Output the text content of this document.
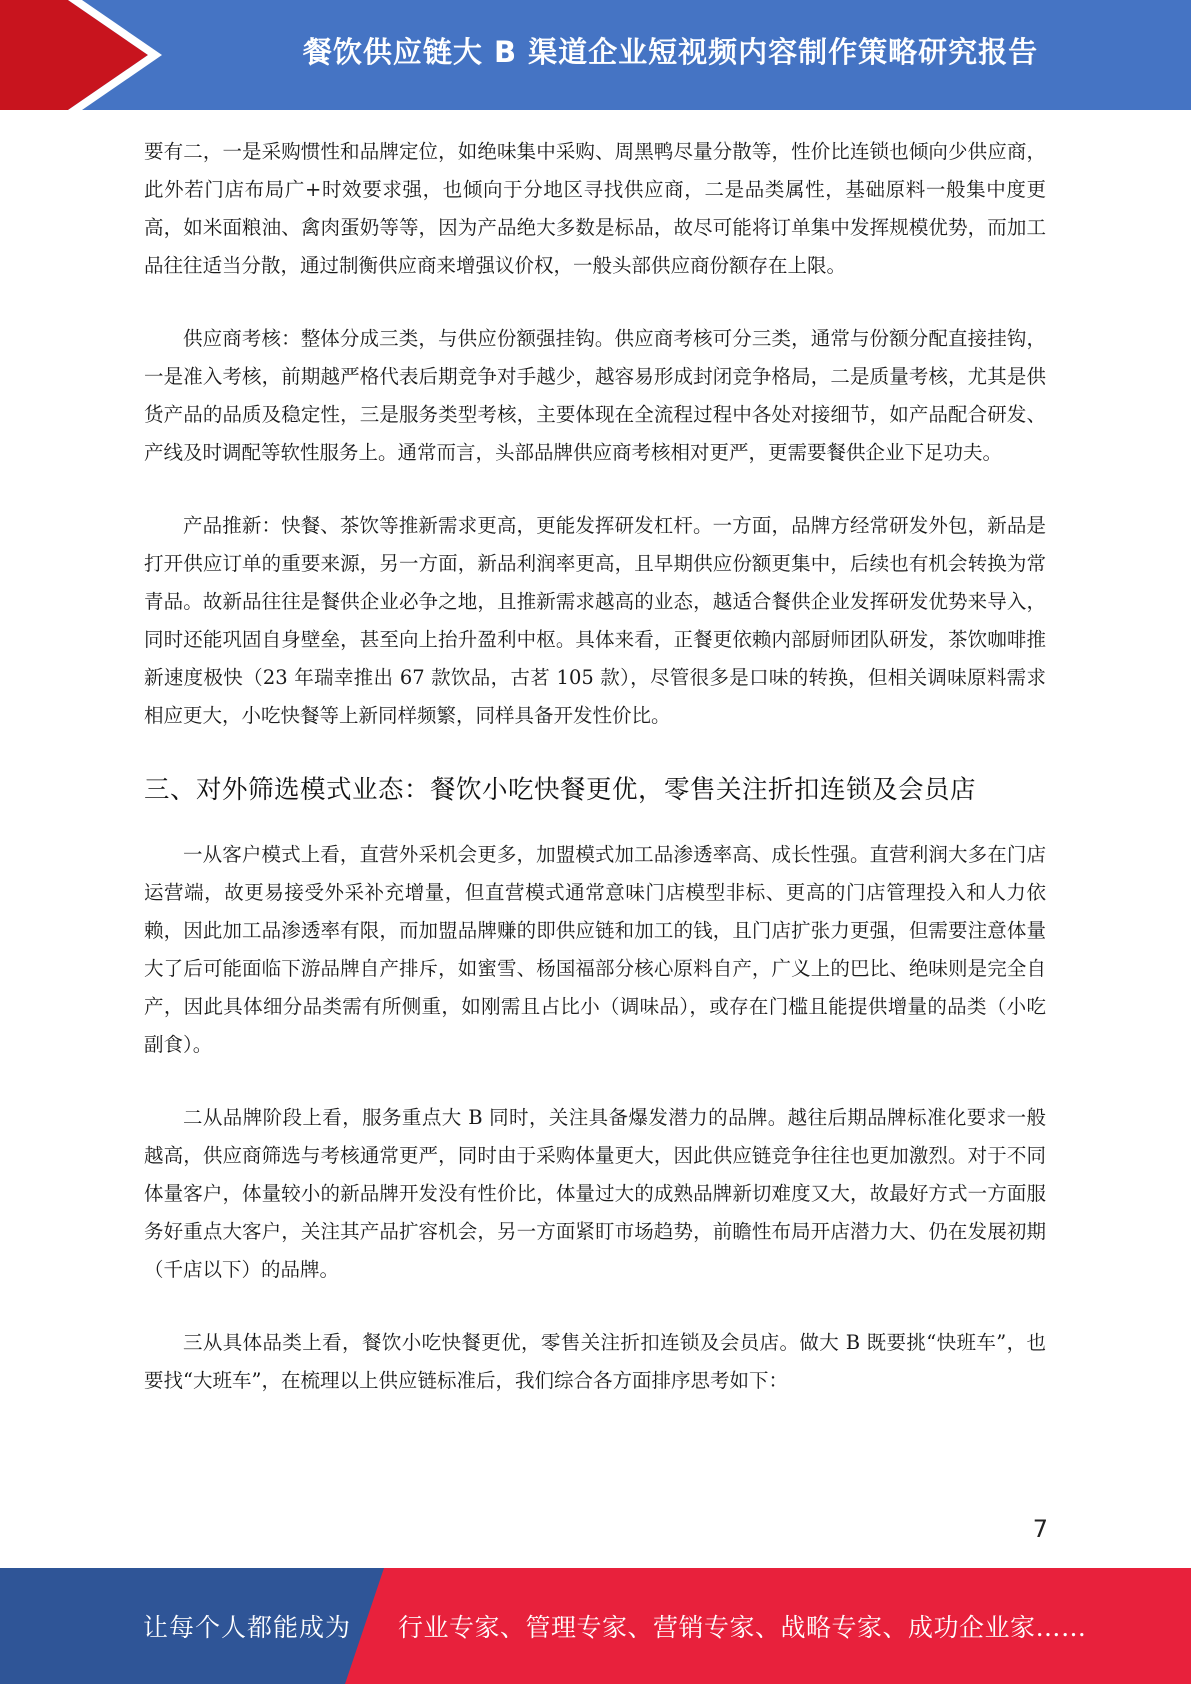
餐饮供应链大 B 渠道企业短视频内容制作策略研究报告

要有二，一是采购惯性和品牌定位，如绝味集中采购、周黑鸭尽量分散等，性价比连锁也倾向少供应商，此外若门店布局广+时效要求强，也倾向于分地区寻找供应商，二是品类属性，基础原料一般集中度更高，如米面粮油、禽肉蛋奶等等，因为产品绝大多数是标品，故尽可能将订单集中发挥规模优势，而加工品往往适当分散，通过制衡供应商来增强议价权，一般头部供应商份额存在上限。

供应商考核：整体分成三类，与供应份额强挂钩。供应商考核可分三类，通常与份额分配直接挂钩，一是准入考核，前期越严格代表后期竞争对手越少，越容易形成封闭竞争格局，二是质量考核，尤其是供货产品的品质及稳定性，三是服务类型考核，主要体现在全流程过程中各处对接细节，如产品配合研发、产线及时调配等软性服务上。通常而言，头部品牌供应商考核相对更严，更需要餐供企业下足功夫。

产品推新：快餐、茶饮等推新需求更高，更能发挥研发杠杆。一方面，品牌方经常研发外包，新品是打开供应订单的重要来源，另一方面，新品利润率更高，且早期供应份额更集中，后续也有机会转换为常青品。故新品往往是餐供企业必争之地，且推新需求越高的业态，越适合餐供企业发挥研发优势来导入，同时还能巩固自身壁垒，甚至向上抬升盈利中枢。具体来看，正餐更依赖内部厨师团队研发，茶饮咖啡推新速度极快（23 年瑞幸推出 67 款饮品，古茗 105 款），尽管很多是口味的转换，但相关调味原料需求相应更大，小吃快餐等上新同样频繁，同样具备开发性价比。

三、对外筛选模式业态：餐饮小吃快餐更优，零售关注折扣连锁及会员店

一从客户模式上看，直营外采机会更多，加盟模式加工品渗透率高、成长性强。直营利润大多在门店运营端，故更易接受外采补充增量，但直营模式通常意味门店模型非标、更高的门店管理投入和人力依赖，因此加工品渗透率有限，而加盟品牌赚的即供应链和加工的钱，且门店扩张力更强，但需要注意体量大了后可能面临下游品牌自产排斥，如蜜雪、杨国福部分核心原料自产，广义上的巴比、绝味则是完全自产，因此具体细分品类需有所侧重，如刚需且占比小（调味品），或存在门槛且能提供增量的品类（小吃副食）。

二从品牌阶段上看，服务重点大 B 同时，关注具备爆发潜力的品牌。越往后期品牌标准化要求一般越高，供应商筛选与考核通常更严，同时由于采购体量更大，因此供应链竞争往往也更加激烈。对于不同体量客户，体量较小的新品牌开发没有性价比，体量过大的成熟品牌新切难度又大，故最好方式一方面服务好重点大客户，关注其产品扩容机会，另一方面紧盯市场趋势，前瞻性布局开店潜力大、仍在发展初期（千店以下）的品牌。

三从具体品类上看，餐饮小吃快餐更优，零售关注折扣连锁及会员店。做大 B 既要挑“快班车”，也要找“大班车”，在梳理以上供应链标准后，我们综合各方面排序思考如下：

7
让每个人都能成为 行业专家、管理专家、营销专家、战略专家、成功企业家……
